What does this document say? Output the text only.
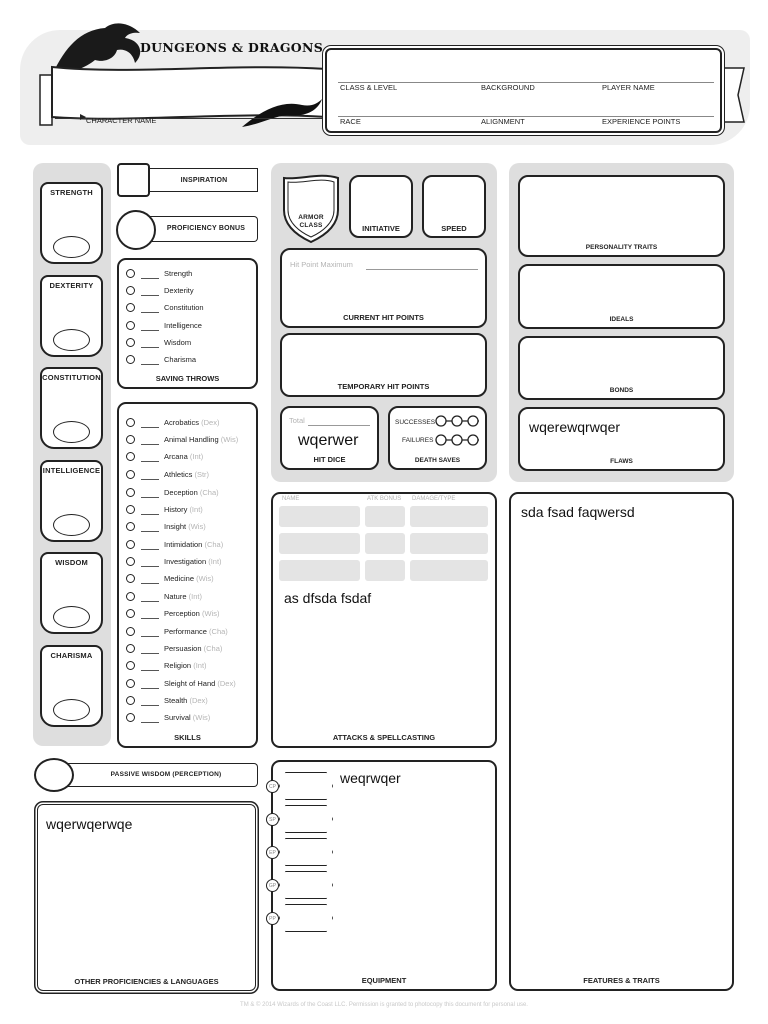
DUNGEONS & DRAGONS
CHARACTER NAME
CLASS & LEVEL	BACKGROUND	PLAYER NAME
RACE	ALIGNMENT	EXPERIENCE POINTS
STRENGTH
DEXTERITY
CONSTITUTION
INTELLIGENCE
WISDOM
CHARISMA
INSPIRATION
PROFICIENCY BONUS
SAVING THROWS
Strength
Dexterity
Constitution
Intelligence
Wisdom
Charisma
SKILLS
Acrobatics (Dex)
Animal Handling (Wis)
Arcana (Int)
Athletics (Str)
Deception (Cha)
History (Int)
Insight (Wis)
Intimidation (Cha)
Investigation (Int)
Medicine (Wis)
Nature (Int)
Perception (Wis)
Performance (Cha)
Persuasion (Cha)
Religion (Int)
Sleight of Hand (Dex)
Stealth (Dex)
Survival (Wis)
PASSIVE WISDOM (PERCEPTION)
wqerwqerwqe
OTHER PROFICIENCIES & LANGUAGES
ARMOR
CLASS	INITIATIVE	SPEED
Hit Point Maximum
CURRENT HIT POINTS
TEMPORARY HIT POINTS
Total
wqerwer
HIT DICE
SUCCESSES
FAILURES
DEATH SAVES
NAME	ATK BONUS DAMAGE/TYPE
ATTACKS & SPELLCASTING
as dfsda fsdaf
EQUIPMENT
weqrwqer
CP
SP
EP
GP
PP
PERSONALITY TRAITS
IDEALS
BONDS
wqerewqrwqer
FLAWS
sda fsad faqwersd
FEATURES & TRAITS
TM & © 2014 Wizards of the Coast LLC. Permission is granted to photocopy this document for personal use.
